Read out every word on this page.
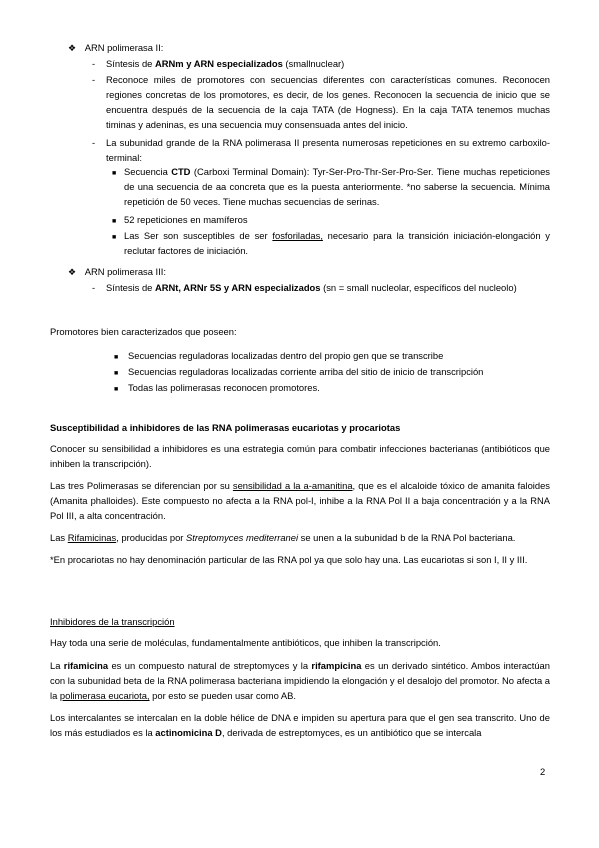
❖ ARN polimerasa II:
- Síntesis de ARNm y ARN especializados (smallnuclear)
- Reconoce miles de promotores con secuencias diferentes con características comunes. Reconocen regiones concretas de los promotores, es decir, de los genes. Reconocen la secuencia de inicio que se encuentra después de la secuencia de la caja TATA (de Hogness). En la caja TATA tenemos muchas timinas y adeninas, es una secuencia muy consensuada antes del inicio.
- La subunidad grande de la RNA polimerasa II presenta numerosas repeticiones en su extremo carboxilo-terminal:
■ Secuencia CTD (Carboxi Terminal Domain): Tyr-Ser-Pro-Thr-Ser-Pro-Ser. Tiene muchas repeticiones de una secuencia de aa concreta que es la puesta anteriormente. *no saberse la secuencia. Mínima repetición de 50 veces. Tiene muchas secuencias de serinas.
■ 52 repeticiones en mamíferos
■ Las Ser son susceptibles de ser fosforiladas, necesario para la transición iniciación-elongación y reclutar factores de iniciación.
❖ ARN polimerasa III:
- Síntesis de ARNt, ARNr 5S y ARN especializados (sn = small nucleolar, específicos del nucleolo)
Promotores bien caracterizados que poseen:
■ Secuencias reguladoras localizadas dentro del propio gen que se transcribe
■ Secuencias reguladoras localizadas corriente arriba del sitio de inicio de transcripción
■ Todas las polimerasas reconocen promotores.
Susceptibilidad a inhibidores de las RNA polimerasas eucariotas y procariotas
Conocer su sensibilidad a inhibidores es una estrategia común para combatir infecciones bacterianas (antibióticos que inhiben la transcripción).
Las tres Polimerasas se diferencian por su sensibilidad a la a-amanitina, que es el alcaloide tóxico de amanita faloides (Amanita phalloides). Este compuesto no afecta a la RNA pol-I, inhibe a la RNA Pol II a baja concentración y a la RNA Pol III, a alta concentración.
Las Rifamicinas, producidas por Streptomyces mediterranei se unen a la subunidad b de la RNA Pol bacteriana.
*En procariotas no hay denominación particular de las RNA pol ya que solo hay una. Las eucariotas si son I, II y III.
Inhibidores de la transcripción
Hay toda una serie de moléculas, fundamentalmente antibióticos, que inhiben la transcripción.
La rifamicina es un compuesto natural de streptomyces y la rifampicina es un derivado sintético. Ambos interactúan con la subunidad beta de la RNA polimerasa bacteriana impidiendo la elongación y el desalojo del promotor. No afecta a la polimerasa eucariota, por esto se pueden usar como AB.
Los intercalantes se intercalan en la doble hélice de DNA e impiden su apertura para que el gen sea transcrito. Uno de los más estudiados es la actinomicina D, derivada de estreptomyces, es un antibiótico que se intercala
2
